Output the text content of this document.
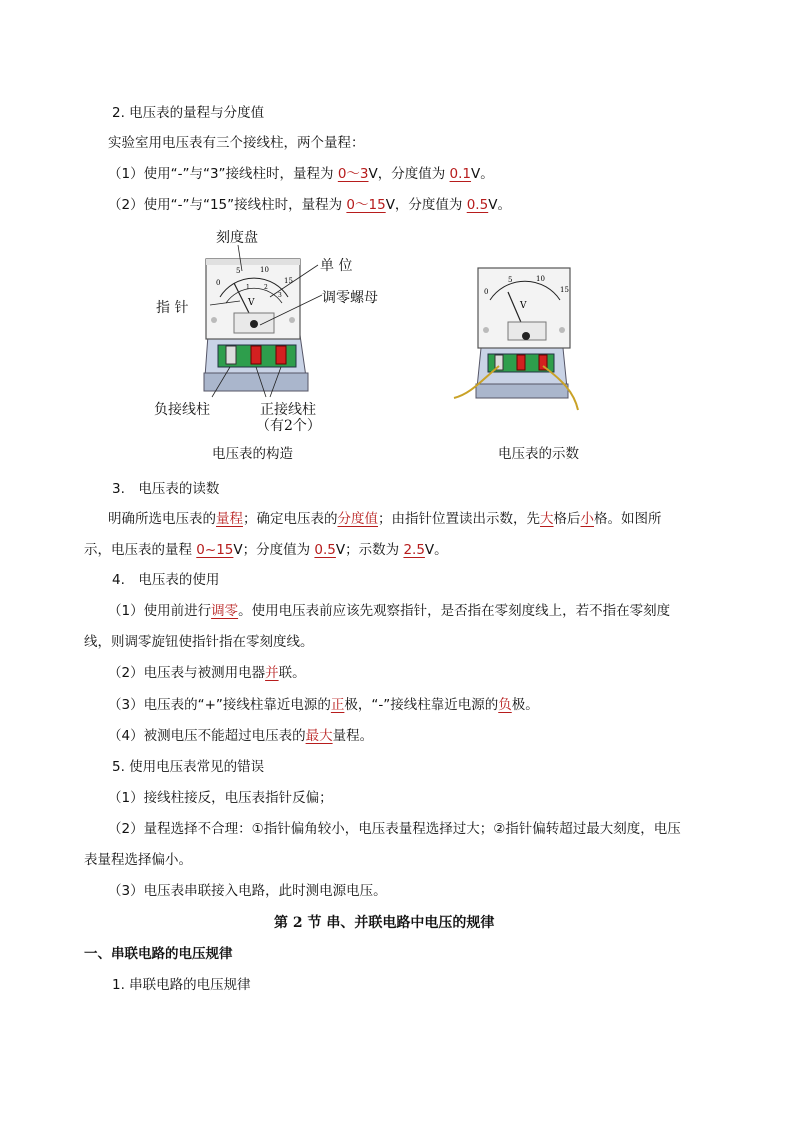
2. 电压表的量程与分度值
实验室用电压表有三个接线柱，两个量程：
（1）使用“-”与“3”接线柱时，量程为 0～3V，分度值为 0.1V。
（2）使用“-”与“15”接线柱时，量程为 0～15V，分度值为 0.5V。
0
5	10
15
1 2
3
V
刻度盘
单 位
指 针
调零螺母
负接线柱	正接线柱
（有2个）
电压表的构造
0
5	10
15
V
电压表的示数
3.　电压表的读数
明确所选电压表的量程；确定电压表的分度值；由指针位置读出示数，先大格后小格。如图所
示，电压表的量程 0~15V；分度值为 0.5V；示数为 2.5V。
4.　电压表的使用
（1）使用前进行调零。使用电压表前应该先观察指针，是否指在零刻度线上，若不指在零刻度
线，则调零旋钮使指针指在零刻度线。
（2）电压表与被测用电器并联。
（3）电压表的“+”接线柱靠近电源的正极，“-”接线柱靠近电源的负极。
（4）被测电压不能超过电压表的最大量程。
5. 使用电压表常见的错误
（1）接线柱接反，电压表指针反偏；
（2）量程选择不合理：①指针偏角较小，电压表量程选择过大；②指针偏转超过最大刻度，电压
表量程选择偏小。
（3）电压表串联接入电路，此时测电源电压。
第 2 节 串、并联电路中电压的规律
一、串联电路的电压规律
1. 串联电路的电压规律
